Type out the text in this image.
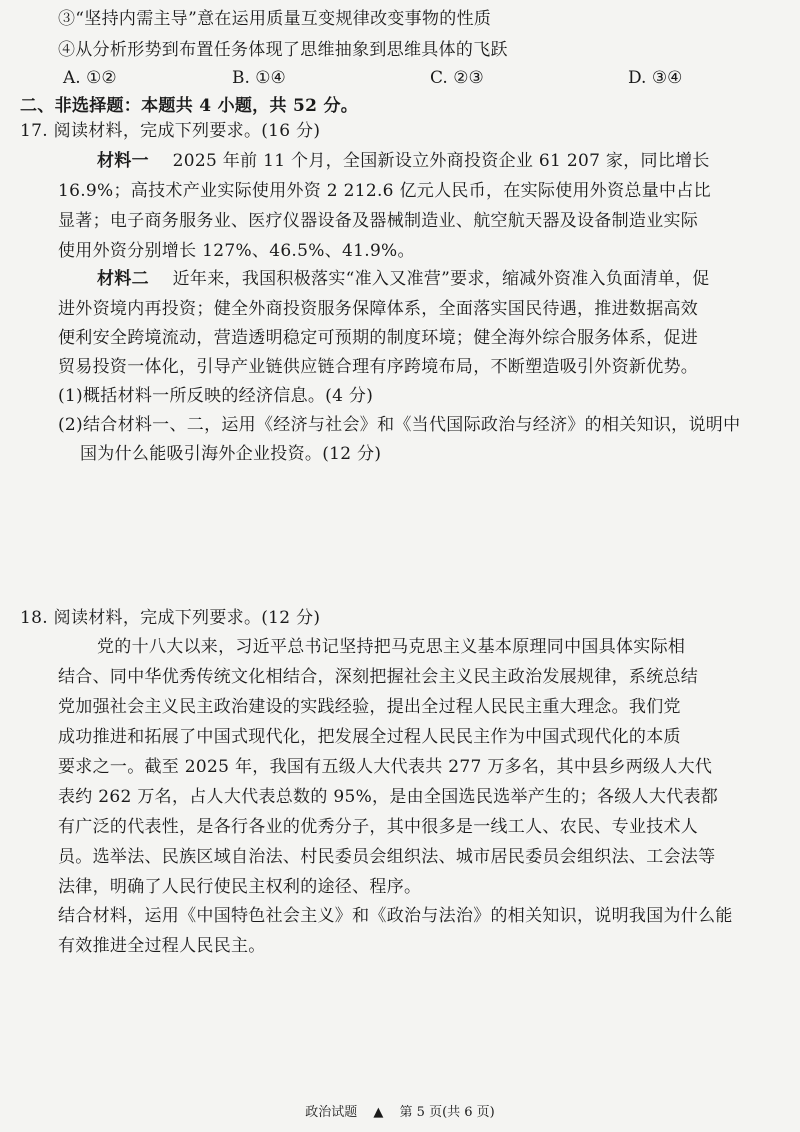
③“坚持内需主导”意在运用质量互变规律改变事物的性质
④从分析形势到布置任务体现了思维抽象到思维具体的飞跃
A. ①②	B. ①④	C. ②③	D. ③④
二、非选择题：本题共 4 小题，共 52 分。
17. 阅读材料，完成下列要求。(16 分)
材料一 2025 年前 11 个月，全国新设立外商投资企业 61 207 家，同比增长
16.9%；高技术产业实际使用外资 2 212.6 亿元人民币，在实际使用外资总量中占比
显著；电子商务服务业、医疗仪器设备及器械制造业、航空航天器及设备制造业实际
使用外资分别增长 127%、46.5%、41.9%。
材料二 近年来，我国积极落实“准入又准营”要求，缩减外资准入负面清单，促
进外资境内再投资；健全外商投资服务保障体系，全面落实国民待遇，推进数据高效
便利安全跨境流动，营造透明稳定可预期的制度环境；健全海外综合服务体系，促进
贸易投资一体化，引导产业链供应链合理有序跨境布局，不断塑造吸引外资新优势。
(1)概括材料一所反映的经济信息。(4 分)
(2)结合材料一、二，运用《经济与社会》和《当代国际政治与经济》的相关知识，说明中
国为什么能吸引海外企业投资。(12 分)
18. 阅读材料，完成下列要求。(12 分)
党的十八大以来，习近平总书记坚持把马克思主义基本原理同中国具体实际相
结合、同中华优秀传统文化相结合，深刻把握社会主义民主政治发展规律，系统总结
党加强社会主义民主政治建设的实践经验，提出全过程人民民主重大理念。我们党
成功推进和拓展了中国式现代化，把发展全过程人民民主作为中国式现代化的本质
要求之一。截至 2025 年，我国有五级人大代表共 277 万多名，其中县乡两级人大代
表约 262 万名，占人大代表总数的 95%，是由全国选民选举产生的；各级人大代表都
有广泛的代表性，是各行各业的优秀分子，其中很多是一线工人、农民、专业技术人
员。选举法、民族区域自治法、村民委员会组织法、城市居民委员会组织法、工会法等
法律，明确了人民行使民主权利的途径、程序。
结合材料，运用《中国特色社会主义》和《政治与法治》的相关知识，说明我国为什么能
有效推进全过程人民民主。
政治试题 ▲ 第 5 页(共 6 页)
